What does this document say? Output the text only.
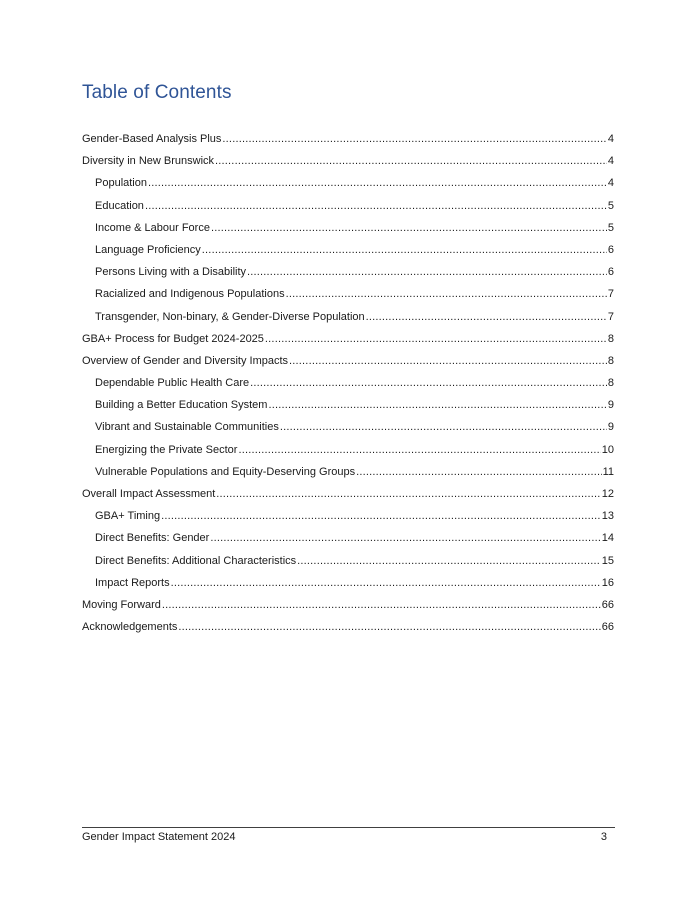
Table of Contents
Gender-Based Analysis Plus .....	4
Diversity in New Brunswick .....	4
Population .....	4
Education .....	5
Income & Labour Force .....	5
Language Proficiency .....	6
Persons Living with a Disability .....	6
Racialized and Indigenous Populations .....	7
Transgender, Non-binary, & Gender-Diverse Population .....	7
GBA+ Process for Budget 2024-2025 .....	8
Overview of Gender and Diversity Impacts .....	8
Dependable Public Health Care .....	8
Building a Better Education System .....	9
Vibrant and Sustainable Communities .....	9
Energizing the Private Sector .....	10
Vulnerable Populations and Equity-Deserving Groups .....	11
Overall Impact Assessment .....	12
GBA+ Timing .....	13
Direct Benefits: Gender .....	14
Direct Benefits: Additional Characteristics .....	15
Impact Reports .....	16
Moving Forward .....	66
Acknowledgements .....	66
Gender Impact Statement 2024	3
